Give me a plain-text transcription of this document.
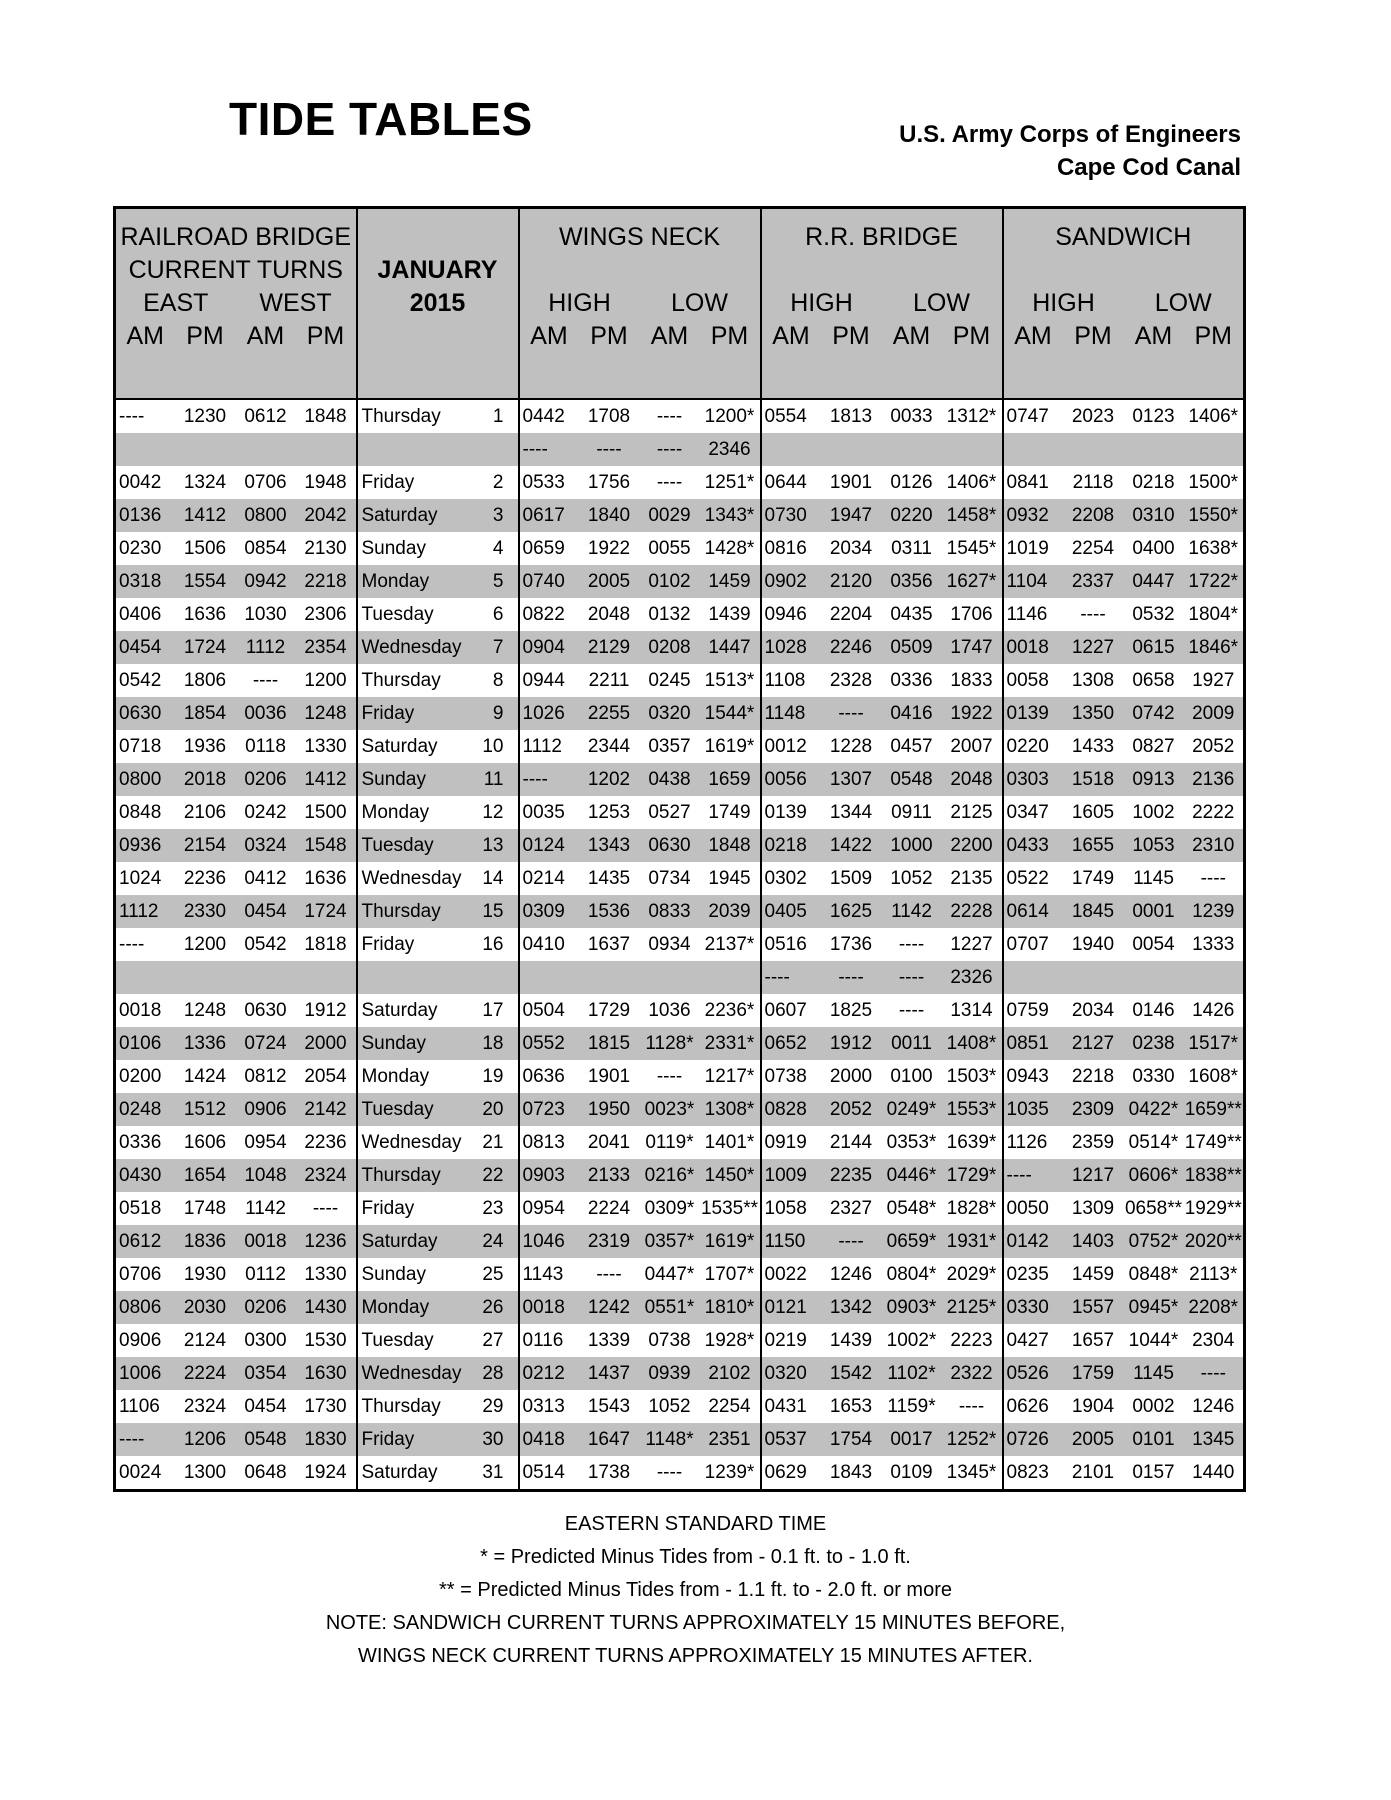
TIDE TABLES	U.S. Army Corps of Engineers
Cape Cod Canal

RAILROAD BRIDGE						WINGS NECK				R.R. BRIDGE				SANDWICH			
CURRENT TURNS				JANUARY													
EAST		WEST		2015		HIGH		LOW		HIGH		LOW		HIGH		LOW	
AM	PM	AM	PM			AM	PM	AM	PM	AM	PM	AM	PM	AM	PM	AM	PM

----	1230	0612	1848	Thursday	1	0442	1708	----	1200*	0554	1813	0033	1312*	0747	2023	0123	1406*
						----	----	----	2346								
0042	1324	0706	1948	Friday	2	0533	1756	----	1251*	0644	1901	0126	1406*	0841	2118	0218	1500*
0136	1412	0800	2042	Saturday	3	0617	1840	0029	1343*	0730	1947	0220	1458*	0932	2208	0310	1550*
0230	1506	0854	2130	Sunday	4	0659	1922	0055	1428*	0816	2034	0311	1545*	1019	2254	0400	1638*
0318	1554	0942	2218	Monday	5	0740	2005	0102	1459	0902	2120	0356	1627*	1104	2337	0447	1722*
0406	1636	1030	2306	Tuesday	6	0822	2048	0132	1439	0946	2204	0435	1706	1146	----	0532	1804*
0454	1724	1112	2354	Wednesday	7	0904	2129	0208	1447	1028	2246	0509	1747	0018	1227	0615	1846*
0542	1806	----	1200	Thursday	8	0944	2211	0245	1513*	1108	2328	0336	1833	0058	1308	0658	1927
0630	1854	0036	1248	Friday	9	1026	2255	0320	1544*	1148	----	0416	1922	0139	1350	0742	2009
0718	1936	0118	1330	Saturday	10	1112	2344	0357	1619*	0012	1228	0457	2007	0220	1433	0827	2052
0800	2018	0206	1412	Sunday	11	----	1202	0438	1659	0056	1307	0548	2048	0303	1518	0913	2136
0848	2106	0242	1500	Monday	12	0035	1253	0527	1749	0139	1344	0911	2125	0347	1605	1002	2222
0936	2154	0324	1548	Tuesday	13	0124	1343	0630	1848	0218	1422	1000	2200	0433	1655	1053	2310
1024	2236	0412	1636	Wednesday	14	0214	1435	0734	1945	0302	1509	1052	2135	0522	1749	1145	----
1112	2330	0454	1724	Thursday	15	0309	1536	0833	2039	0405	1625	1142	2228	0614	1845	0001	1239
----	1200	0542	1818	Friday	16	0410	1637	0934	2137*	0516	1736	----	1227	0707	1940	0054	1333
										----	----	----	2326				
0018	1248	0630	1912	Saturday	17	0504	1729	1036	2236*	0607	1825	----	1314	0759	2034	0146	1426
0106	1336	0724	2000	Sunday	18	0552	1815	1128*	2331*	0652	1912	0011	1408*	0851	2127	0238	1517*
0200	1424	0812	2054	Monday	19	0636	1901	----	1217*	0738	2000	0100	1503*	0943	2218	0330	1608*
0248	1512	0906	2142	Tuesday	20	0723	1950	0023*	1308*	0828	2052	0249*	1553*	1035	2309	0422*	1659**
0336	1606	0954	2236	Wednesday	21	0813	2041	0119*	1401*	0919	2144	0353*	1639*	1126	2359	0514*	1749**
0430	1654	1048	2324	Thursday	22	0903	2133	0216*	1450*	1009	2235	0446*	1729*	----	1217	0606*	1838**
0518	1748	1142	----	Friday	23	0954	2224	0309*	1535**	1058	2327	0548*	1828*	0050	1309	0658**	1929**
0612	1836	0018	1236	Saturday	24	1046	2319	0357*	1619*	1150	----	0659*	1931*	0142	1403	0752*	2020**
0706	1930	0112	1330	Sunday	25	1143	----	0447*	1707*	0022	1246	0804*	2029*	0235	1459	0848*	2113*
0806	2030	0206	1430	Monday	26	0018	1242	0551*	1810*	0121	1342	0903*	2125*	0330	1557	0945*	2208*
0906	2124	0300	1530	Tuesday	27	0116	1339	0738	1928*	0219	1439	1002*	2223	0427	1657	1044*	2304
1006	2224	0354	1630	Wednesday	28	0212	1437	0939	2102	0320	1542	1102*	2322	0526	1759	1145	----
1106	2324	0454	1730	Thursday	29	0313	1543	1052	2254	0431	1653	1159*	----	0626	1904	0002	1246
----	1206	0548	1830	Friday	30	0418	1647	1148*	2351	0537	1754	0017	1252*	0726	2005	0101	1345
0024	1300	0648	1924	Saturday	31	0514	1738	----	1239*	0629	1843	0109	1345*	0823	2101	0157	1440
EASTERN STANDARD TIME
* = Predicted Minus Tides from - 0.1 ft. to - 1.0 ft.
** = Predicted Minus Tides from - 1.1 ft. to - 2.0 ft. or more
NOTE: SANDWICH CURRENT TURNS APPROXIMATELY 15 MINUTES BEFORE,
WINGS NECK CURRENT TURNS APPROXIMATELY 15 MINUTES AFTER.
